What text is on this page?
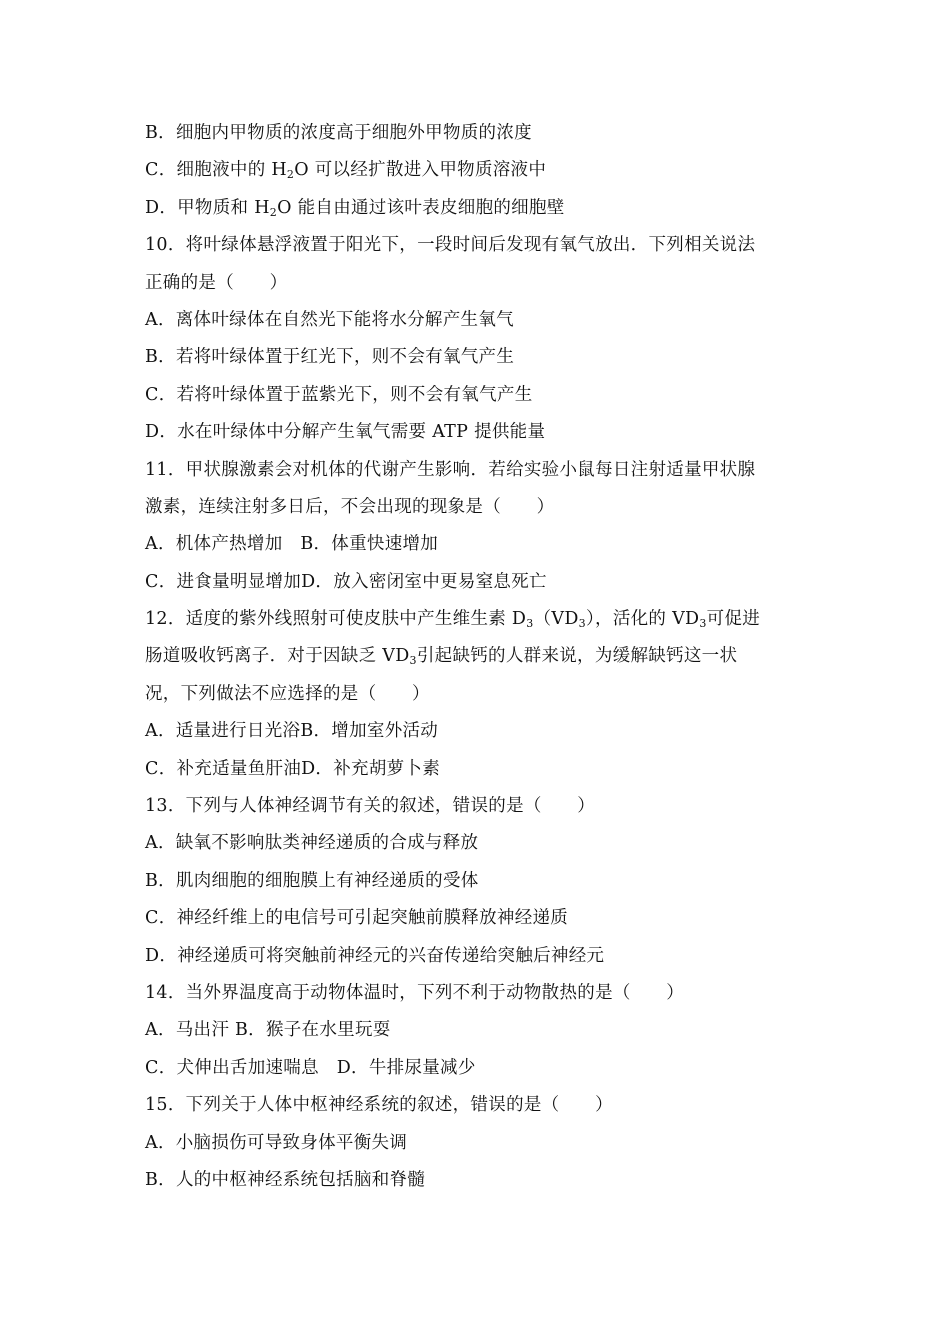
B．细胞内甲物质的浓度高于细胞外甲物质的浓度
C．细胞液中的 $H_2O$ 可以经扩散进入甲物质溶液中
D．甲物质和 $H_2O$ 能自由通过该叶表皮细胞的细胞壁
10．将叶绿体悬浮液置于阳光下，一段时间后发现有氧气放出．下列相关说法
正确的是（　　）
A．离体叶绿体在自然光下能将水分解产生氧气
B．若将叶绿体置于红光下，则不会有氧气产生
C．若将叶绿体置于蓝紫光下，则不会有氧气产生
D．水在叶绿体中分解产生氧气需要 ATP 提供能量
11．甲状腺激素会对机体的代谢产生影响．若给实验小鼠每日注射适量甲状腺
激素，连续注射多日后，不会出现的现象是（　　）
A．机体产热增加　B．体重快速增加
C．进食量明显增加D．放入密闭室中更易窒息死亡
12．适度的紫外线照射可使皮肤中产生维生素 $D_3(VD_3)$，活化的 $VD_3$可促进
肠道吸收钙离子．对于因缺乏 $VD_3$引起缺钙的人群来说，为缓解缺钙这一状
况，下列做法不应选择的是（　　）
A．适量进行日光浴B．增加室外活动
C．补充适量鱼肝油D．补充胡萝卜素
13．下列与人体神经调节有关的叙述，错误的是（　　）
A．缺氧不影响肽类神经递质的合成与释放
B．肌肉细胞的细胞膜上有神经递质的受体
C．神经纤维上的电信号可引起突触前膜释放神经递质
D．神经递质可将突触前神经元的兴奋传递给突触后神经元
14．当外界温度高于动物体温时，下列不利于动物散热的是（　　）
A．马出汗 B．猴子在水里玩耍
C．犬伸出舌加速喘息　D．牛排尿量减少
15．下列关于人体中枢神经系统的叙述，错误的是（　　）
A．小脑损伤可导致身体平衡失调
B．人的中枢神经系统包括脑和脊髓
